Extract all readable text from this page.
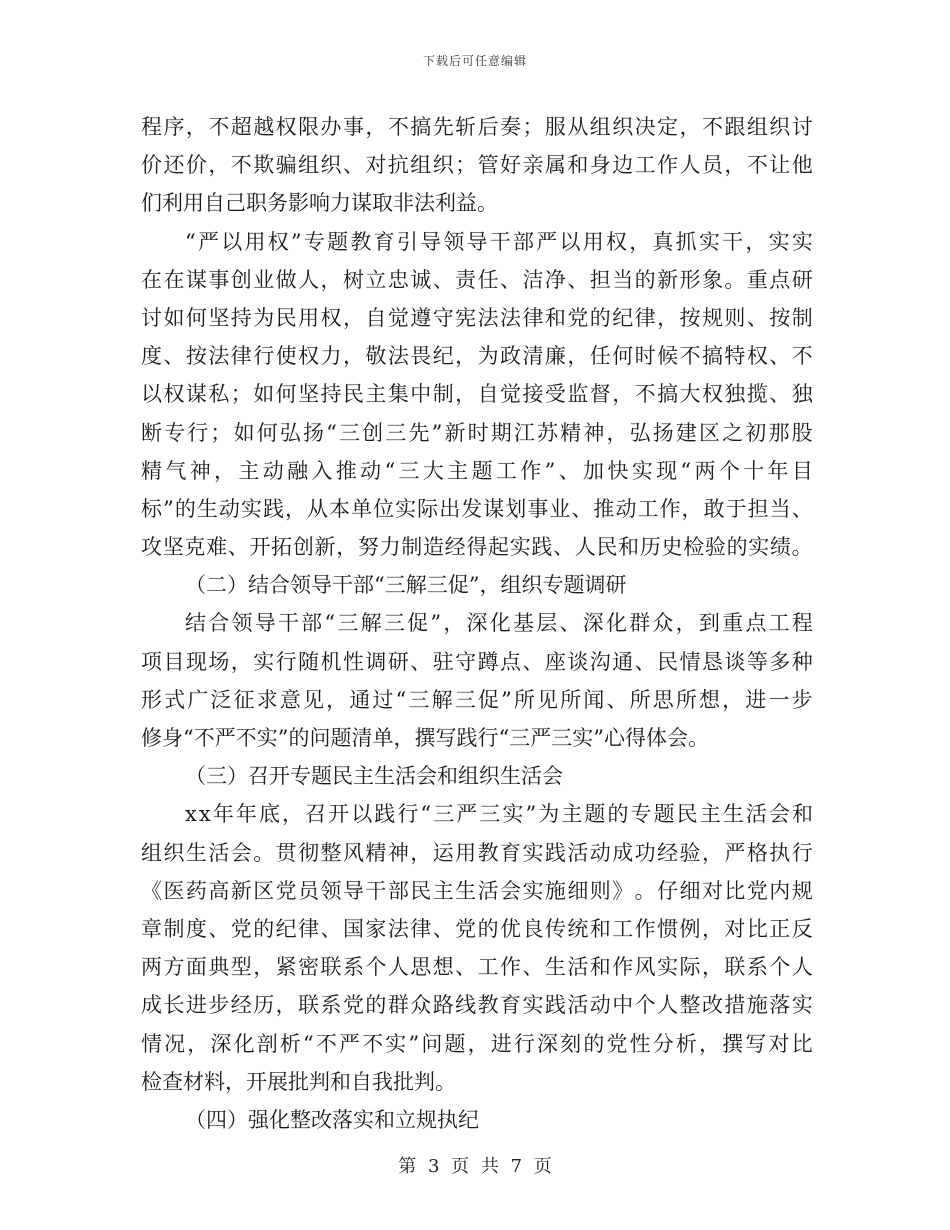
下载后可任意编辑
程 序 ， 不 超 越 权 限 办 事 ， 不 搞 先 斩 后 奏 ； 服 从 组 织 决 定 ， 不 跟 组 织 讨
价 还 价 ， 不 欺 骗 组 织 、 对 抗 组 织 ； 管 好 亲 属 和 身 边 工 作 人 员 ， 不 让 他
们利用自己职务影响力谋取非法利益。
“ 严 以 用 权 ” 专 题 教 育 引 导 领 导 干 部 严 以 用 权 ， 真 抓 实 干 ， 实 实
在 在 谋 事 创 业 做 人 ， 树 立 忠 诚 、 责 任 、 洁 净 、 担 当 的 新 形 象 。 重 点 研
讨 如 何 坚 持 为 民 用 权 ， 自 觉 遵 守 宪 法 法 律 和 党 的 纪 律 ， 按 规 则 、 按 制
度 、 按 法 律 行 使 权 力 ， 敬 法 畏 纪 ， 为 政 清 廉 ， 任 何 时 候 不 搞 特 权 、 不
以 权 谋 私 ； 如 何 坚 持 民 主 集 中 制 ， 自 觉 接 受 监 督 ， 不 搞 大 权 独 揽 、 独
断 专 行 ； 如 何 弘 扬 “ 三 创 三 先 ” 新 时 期 江 苏 精 神 ， 弘 扬 建 区 之 初 那 股
精 气 神 ， 主 动 融 入 推 动 “ 三 大 主 题 工 作 ” 、 加 快 实 现 “ 两 个 十 年 目
标 ” 的 生 动 实 践 ， 从 本 单 位 实 际 出 发 谋 划 事 业 、 推 动 工 作 ， 敢 于 担 当 、
攻 坚 克 难 、 开 拓 创 新 ， 努 力 制 造 经 得 起 实 践 、 人 民 和 历 史 检 验 的 实 绩 。
（二）结合领导干部“三解三促”，组织专题调研
结 合 领 导 干 部 “ 三 解 三 促 ” ， 深 化 基 层 、 深 化 群 众 ， 到 重 点 工 程
项 目 现 场 ， 实 行 随 机 性 调 研 、 驻 守 蹲 点 、 座 谈 沟 通 、 民 情 恳 谈 等 多 种
形 式 广 泛 征 求 意 见 ， 通 过 “ 三 解 三 促 ” 所 见 所 闻 、 所 思 所 想 ， 进 一 步
修身“不严不实”的问题清单，撰写践行“三严三实”心得体会。
（三）召开专题民主生活会和组织生活会
x x 年 年 底 ， 召 开 以 践 行 “ 三 严 三 实 ” 为 主 题 的 专 题 民 主 生 活 会 和
组 织 生 活 会 。 贯 彻 整 风 精 神 ， 运 用 教 育 实 践 活 动 成 功 经 验 ， 严 格 执 行
《 医 药 高 新 区 党 员 领 导 干 部 民 主 生 活 会 实 施 细 则 》 。 仔 细 对 比 党 内 规
章 制 度 、 党 的 纪 律 、 国 家 法 律 、 党 的 优 良 传 统 和 工 作 惯 例 ， 对 比 正 反
两 方 面 典 型 ， 紧 密 联 系 个 人 思 想 、 工 作 、 生 活 和 作 风 实 际 ， 联 系 个 人
成 长 进 步 经 历 ， 联 系 党 的 群 众 路 线 教 育 实 践 活 动 中 个 人 整 改 措 施 落 实
情 况 ， 深 化 剖 析 “ 不 严 不 实 ” 问 题 ， 进 行 深 刻 的 党 性 分 析 ， 撰 写 对 比
检查材料，开展批判和自我批判。
（四）强化整改落实和立规执纪
第 3 页 共 7 页
